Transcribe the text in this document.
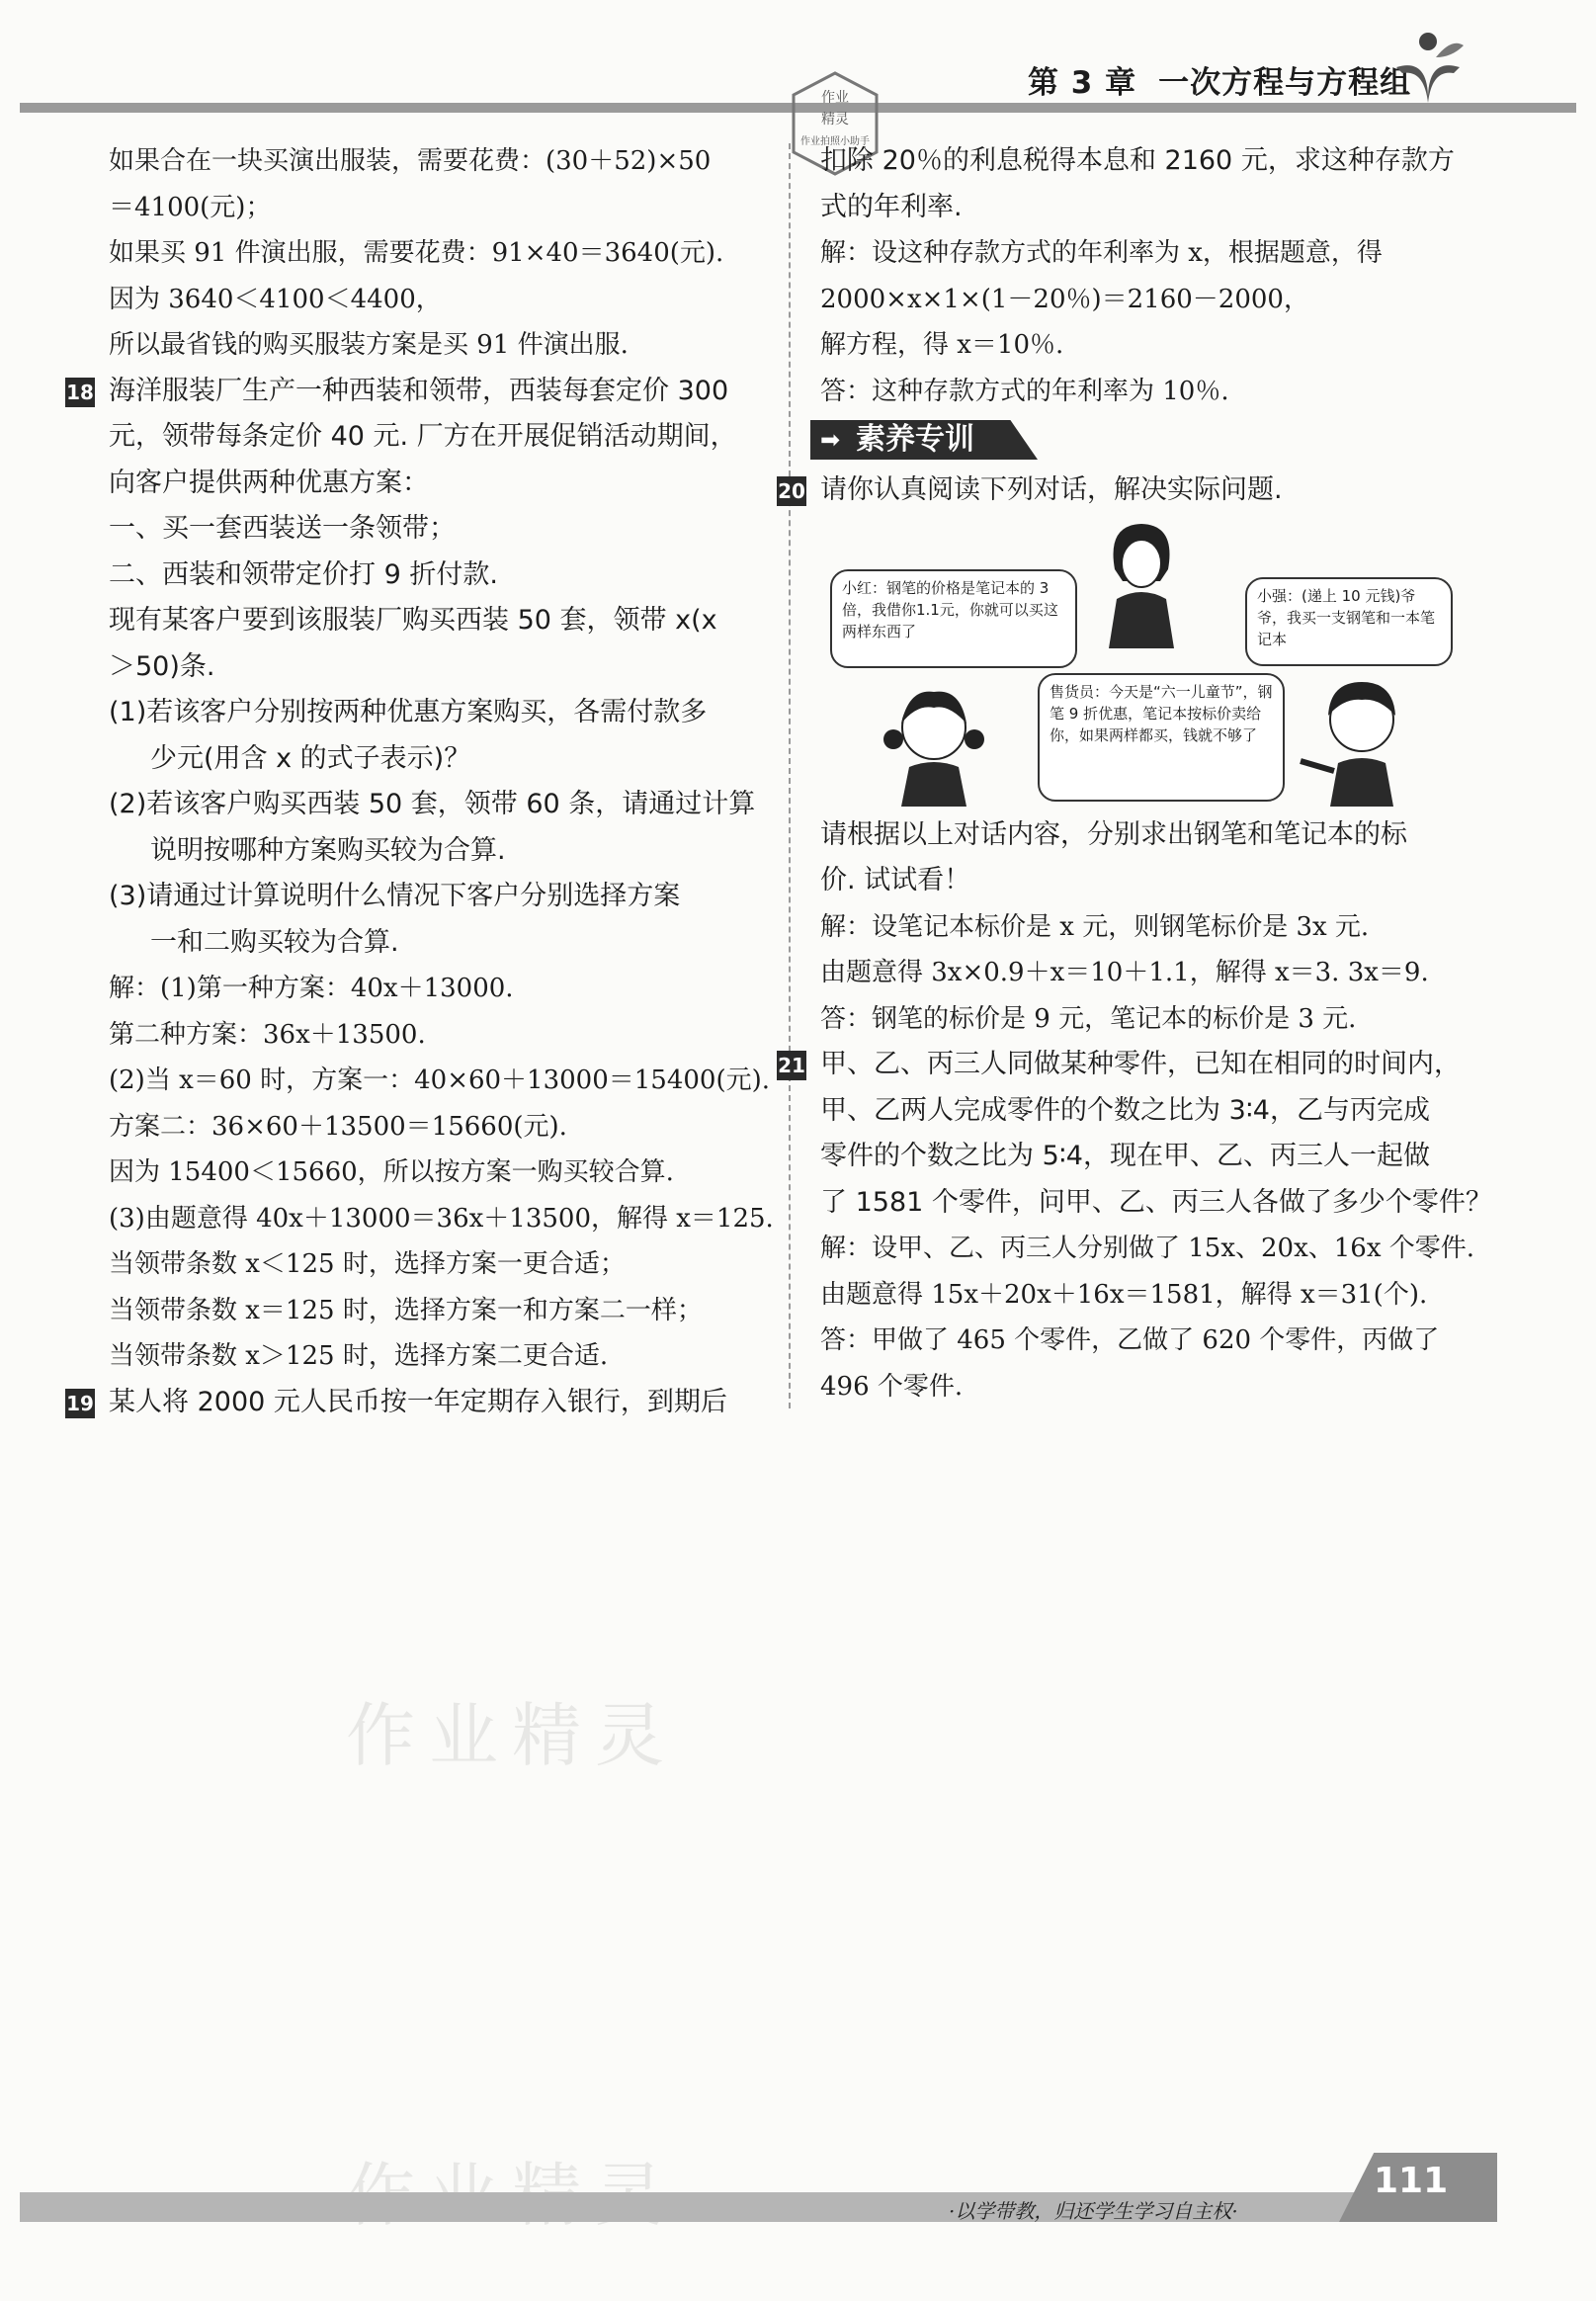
第 3 章 一次方程与方程组
作业
精灵
作业拍照小助手
如果合在一块买演出服装，需要花费：(30＋52)×50
＝4100(元)；
如果买 91 件演出服，需要花费：91×40＝3640(元).
因为 3640＜4100＜4400，
所以最省钱的购买服装方案是买 91 件演出服.
18 海洋服装厂生产一种西装和领带，西装每套定价 300
元，领带每条定价 40 元. 厂方在开展促销活动期间，
向客户提供两种优惠方案：
一、买一套西装送一条领带；
二、西装和领带定价打 9 折付款.
现有某客户要到该服装厂购买西装 50 套，领带 x(x
＞50)条.
(1)若该客户分别按两种优惠方案购买，各需付款多
少元(用含 x 的式子表示)？
(2)若该客户购买西装 50 套，领带 60 条，请通过计算
说明按哪种方案购买较为合算.
(3)请通过计算说明什么情况下客户分别选择方案
一和二购买较为合算.
解：(1)第一种方案：40x＋13000.
第二种方案：36x＋13500.
(2)当 x＝60 时，方案一：40×60＋13000＝15400(元).
方案二：36×60＋13500＝15660(元).
因为 15400＜15660，所以按方案一购买较合算.
(3)由题意得 40x＋13000＝36x＋13500，解得 x＝125.
当领带条数 x＜125 时，选择方案一更合适；
当领带条数 x＝125 时，选择方案一和方案二一样；
当领带条数 x＞125 时，选择方案二更合适.
19 某人将 2000 元人民币按一年定期存入银行，到期后
扣除 20％的利息税得本息和 2160 元，求这种存款方
式的年利率.
解：设这种存款方式的年利率为 x，根据题意，得
2000×x×1×(1－20％)＝2160－2000，
解方程，得 x＝10％.
答：这种存款方式的年利率为 10％.
➡ 素养专训
20 请你认真阅读下列对话，解决实际问题.
小红：钢笔的价格是笔记本的 3 倍，我借你1.1元，你就可以买这两样东西了
小强：(递上 10 元钱)爷爷，我买一支钢笔和一本笔记本
售货员：今天是“六一儿童节”，钢笔 9 折优惠，笔记本按标价卖给你，如果两样都买，钱就不够了
请根据以上对话内容，分别求出钢笔和笔记本的标
价. 试试看！
解：设笔记本标价是 x 元，则钢笔标价是 3x 元.
由题意得 3x×0.9＋x＝10＋1.1，解得 x＝3. 3x＝9.
答：钢笔的标价是 9 元，笔记本的标价是 3 元.
21 甲、乙、丙三人同做某种零件，已知在相同的时间内，
甲、乙两人完成零件的个数之比为 3∶4，乙与丙完成
零件的个数之比为 5∶4，现在甲、乙、丙三人一起做
了 1581 个零件，问甲、乙、丙三人各做了多少个零件？
解：设甲、乙、丙三人分别做了 15x、20x、16x 个零件.
由题意得 15x＋20x＋16x＝1581，解得 x＝31(个).
答：甲做了 465 个零件，乙做了 620 个零件，丙做了
496 个零件.
作业精灵
·以学带教，归还学生学习自主权·
111
